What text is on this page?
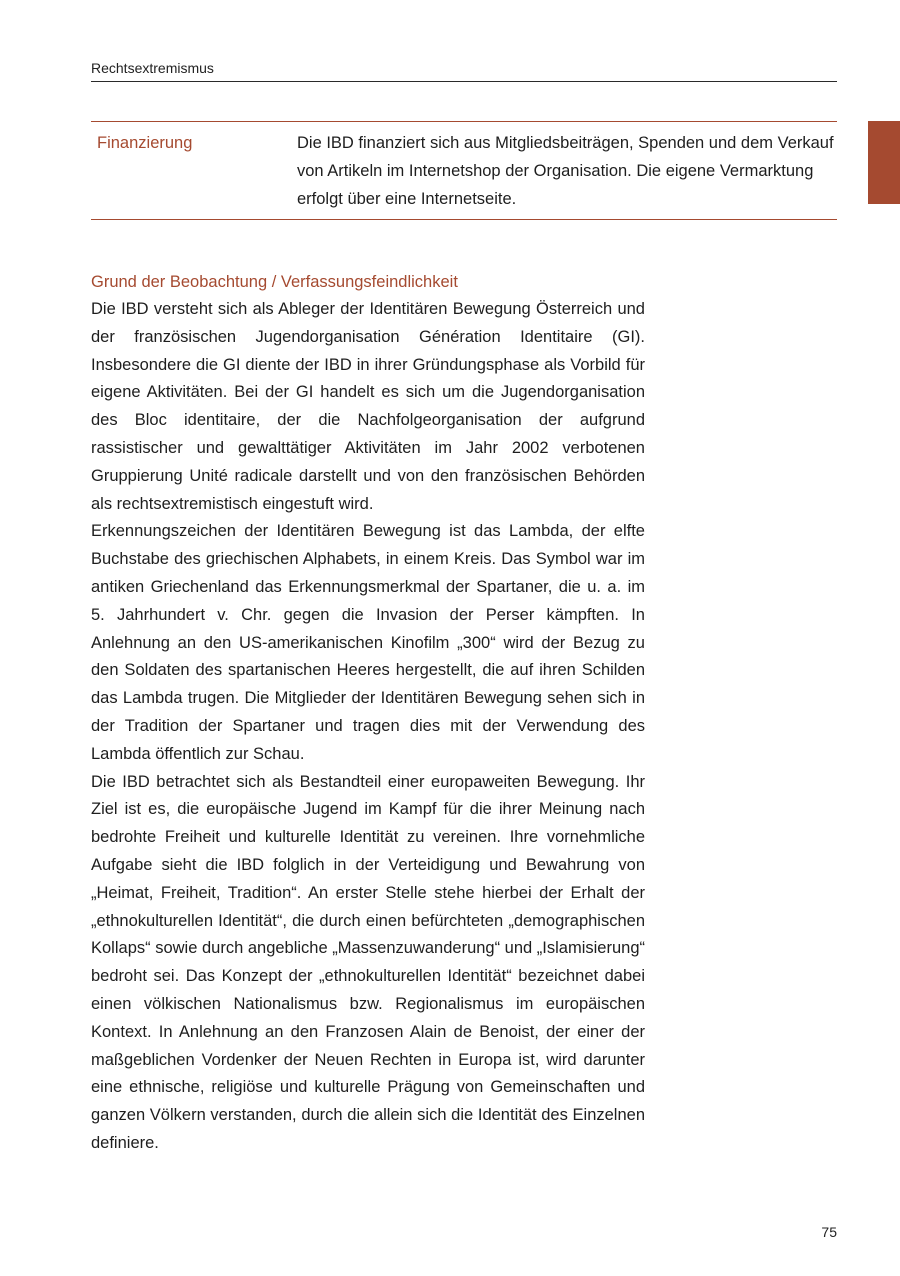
Rechtsextremismus
Finanzierung	Die IBD finanziert sich aus Mitgliedsbeiträgen, Spenden und dem Verkauf von Artikeln im Internetshop der Organisation. Die eigene Vermarktung erfolgt über eine Internetseite.
Grund der Beobachtung / Verfassungsfeindlichkeit

Die IBD versteht sich als Ableger der Identitären Bewegung Österreich und der französischen Jugendorganisation Génération Identitaire (GI). Insbesondere die GI diente der IBD in ihrer Gründungsphase als Vorbild für eigene Aktivitäten. Bei der GI handelt es sich um die Jugendorganisation des Bloc identitaire, der die Nachfolgeorganisation der aufgrund rassistischer und gewalttätiger Aktivitäten im Jahr 2002 verbotenen Gruppierung Unité radicale darstellt und von den französischen Behörden als rechtsextremistisch eingestuft wird.

Erkennungszeichen der Identitären Bewegung ist das Lambda, der elfte Buchstabe des griechischen Alphabets, in einem Kreis. Das Symbol war im antiken Griechenland das Erkennungsmerkmal der Spartaner, die u. a. im 5. Jahrhundert v. Chr. gegen die Invasion der Perser kämpften. In Anlehnung an den US-amerikanischen Kinofilm „300“ wird der Bezug zu den Soldaten des spartanischen Heeres hergestellt, die auf ihren Schilden das Lambda trugen. Die Mitglieder der Identitären Bewegung sehen sich in der Tradition der Spartaner und tragen dies mit der Verwendung des Lambda öffentlich zur Schau.

Die IBD betrachtet sich als Bestandteil einer europaweiten Bewegung. Ihr Ziel ist es, die europäische Jugend im Kampf für die ihrer Meinung nach bedrohte Freiheit und kulturelle Identität zu vereinen. Ihre vornehmliche Aufgabe sieht die IBD folglich in der Verteidigung und Bewahrung von „Heimat, Freiheit, Tradition“. An erster Stelle stehe hierbei der Erhalt der „ethnokulturellen Identität“, die durch einen befürchteten „demographischen Kollaps“ sowie durch angebliche „Massenzuwanderung“ und „Islamisierung“ bedroht sei. Das Konzept der „ethnokulturellen Identität“ bezeichnet dabei einen völkischen Nationalismus bzw. Regionalismus im europäischen Kontext. In Anlehnung an den Franzosen Alain de Benoist, der einer der maßgeblichen Vordenker der Neuen Rechten in Europa ist, wird darunter eine ethnische, religiöse und kulturelle Prägung von Gemeinschaften und ganzen Völkern verstanden, durch die allein sich die Identität des Einzelnen definiere.

75
